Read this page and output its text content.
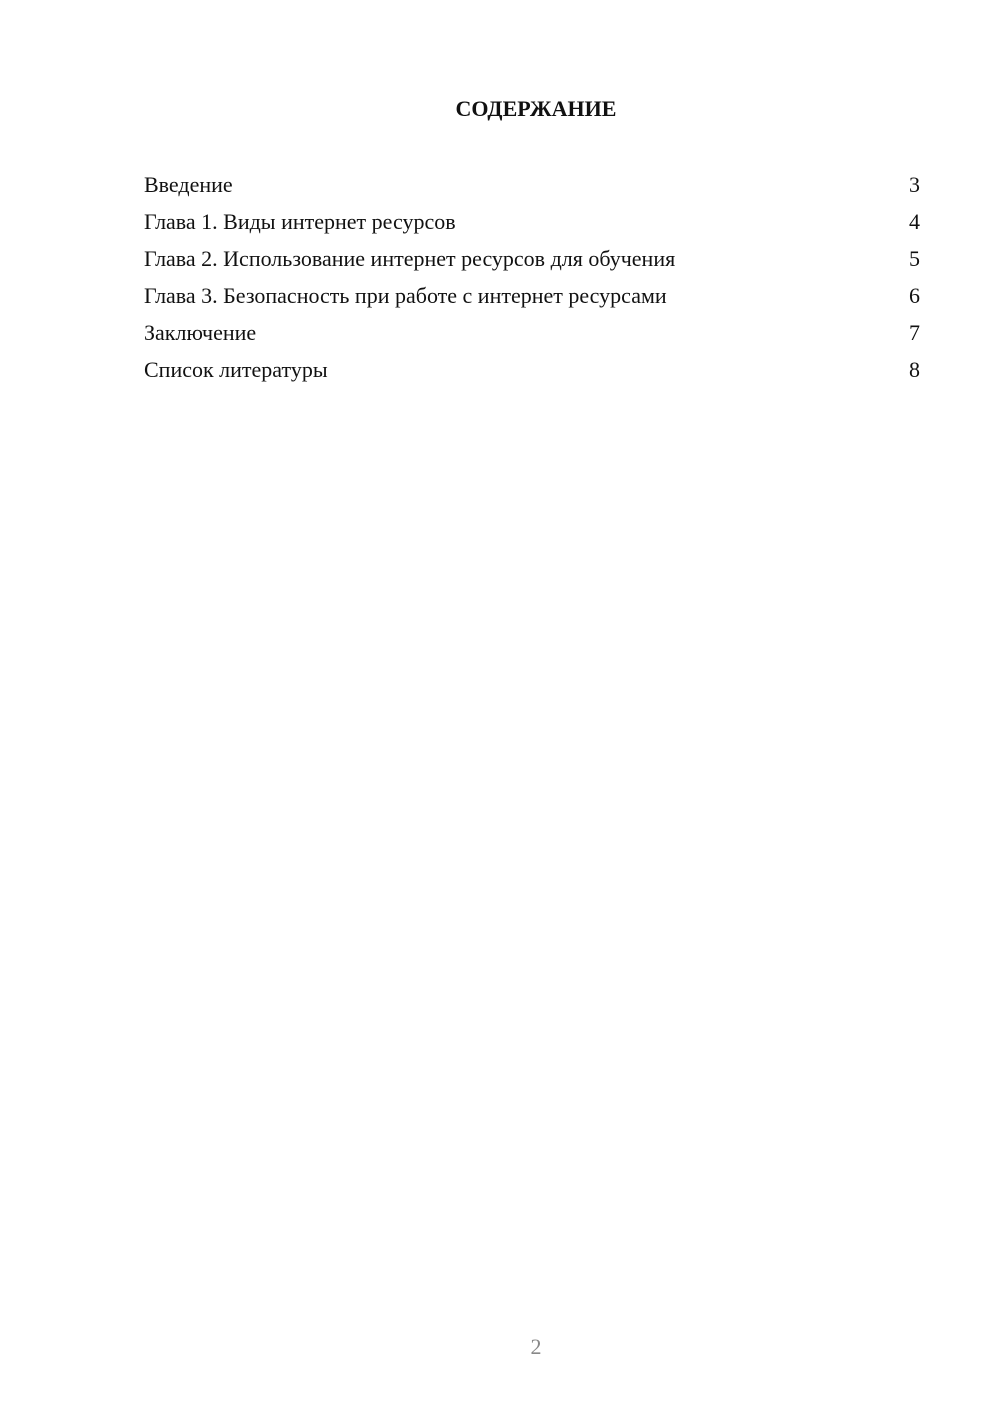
СОДЕРЖАНИЕ
Введение	3
Глава 1. Виды интернет ресурсов	4
Глава 2. Использование интернет ресурсов для обучения	5
Глава 3. Безопасность при работе с интернет ресурсами	6
Заключение	7
Список литературы	8
2
